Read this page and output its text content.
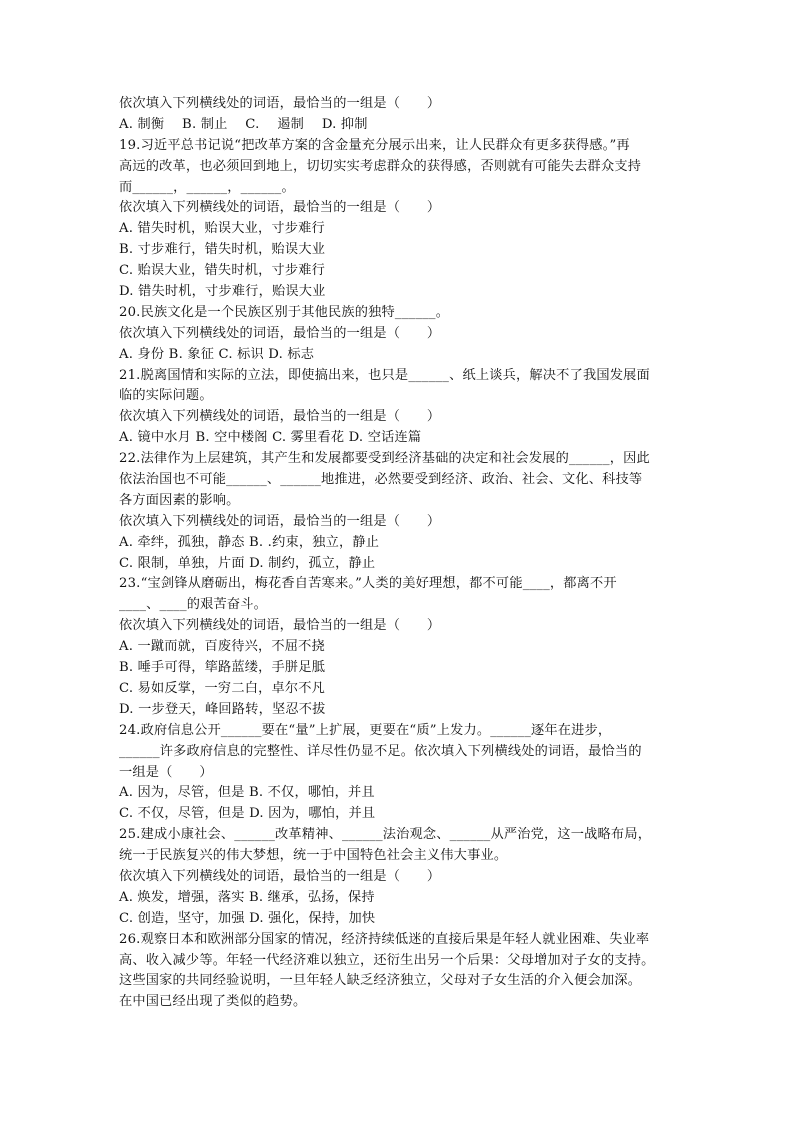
依次填入下列横线处的词语，最恰当的一组是（　　）
A. 制衡　 B. 制止　 C. 　遏制　 D. 抑制
19.习近平总书记说“把改革方案的含金量充分展示出来，让人民群众有更多获得感。”再
高远的改革，也必须回到地上，切切实实考虑群众的获得感，否则就有可能失去群众支持
而______，______，______。
依次填入下列横线处的词语，最恰当的一组是（　　）
A. 错失时机，贻误大业，寸步难行
B. 寸步难行，错失时机，贻误大业
C. 贻误大业，错失时机，寸步难行
D. 错失时机，寸步难行，贻误大业
20.民族文化是一个民族区别于其他民族的独特______。
依次填入下列横线处的词语，最恰当的一组是（　　）
A. 身份 B. 象征 C. 标识 D. 标志
21.脱离国情和实际的立法，即使搞出来，也只是______、纸上谈兵，解决不了我国发展面
临的实际问题。
依次填入下列横线处的词语，最恰当的一组是（　　）
A. 镜中水月 B. 空中楼阁 C. 雾里看花 D. 空话连篇
22.法律作为上层建筑，其产生和发展都要受到经济基础的决定和社会发展的______，因此
依法治国也不可能______、______地推进，必然要受到经济、政治、社会、文化、科技等
各方面因素的影响。
依次填入下列横线处的词语，最恰当的一组是（　　）
A. 牵绊，孤独，静态 B. .约束，独立，静止
C. 限制，单独，片面 D. 制约，孤立，静止
23.“宝剑锋从磨砺出，梅花香自苦寒来。”人类的美好理想，都不可能____，都离不开
____、____的艰苦奋斗。
依次填入下列横线处的词语，最恰当的一组是（　　）
A. 一蹴而就，百废待兴，不屈不挠
B. 唾手可得，筚路蓝缕，手胼足胝
C. 易如反掌，一穷二白，卓尔不凡
D. 一步登天，峰回路转，坚忍不拔
24.政府信息公开______要在“量”上扩展，更要在“质”上发力。______逐年在进步，
______许多政府信息的完整性、详尽性仍显不足。依次填入下列横线处的词语，最恰当的
一组是（　　）
A. 因为，尽管，但是 B. 不仅，哪怕，并且
C. 不仅，尽管，但是 D. 因为，哪怕，并且
25.建成小康社会、______改革精神、______法治观念、______从严治党，这一战略布局，
统一于民族复兴的伟大梦想，统一于中国特色社会主义伟大事业。
依次填入下列横线处的词语，最恰当的一组是（　　）
A. 焕发，增强，落实 B. 继承，弘扬，保持
C. 创造，坚守，加强 D. 强化，保持，加快
26.观察日本和欧洲部分国家的情况，经济持续低迷的直接后果是年轻人就业困难、失业率
高、收入减少等。年轻一代经济难以独立，还衍生出另一个后果：父母增加对子女的支持。
这些国家的共同经验说明，一旦年轻人缺乏经济独立，父母对子女生活的介入便会加深。
在中国已经出现了类似的趋势。
